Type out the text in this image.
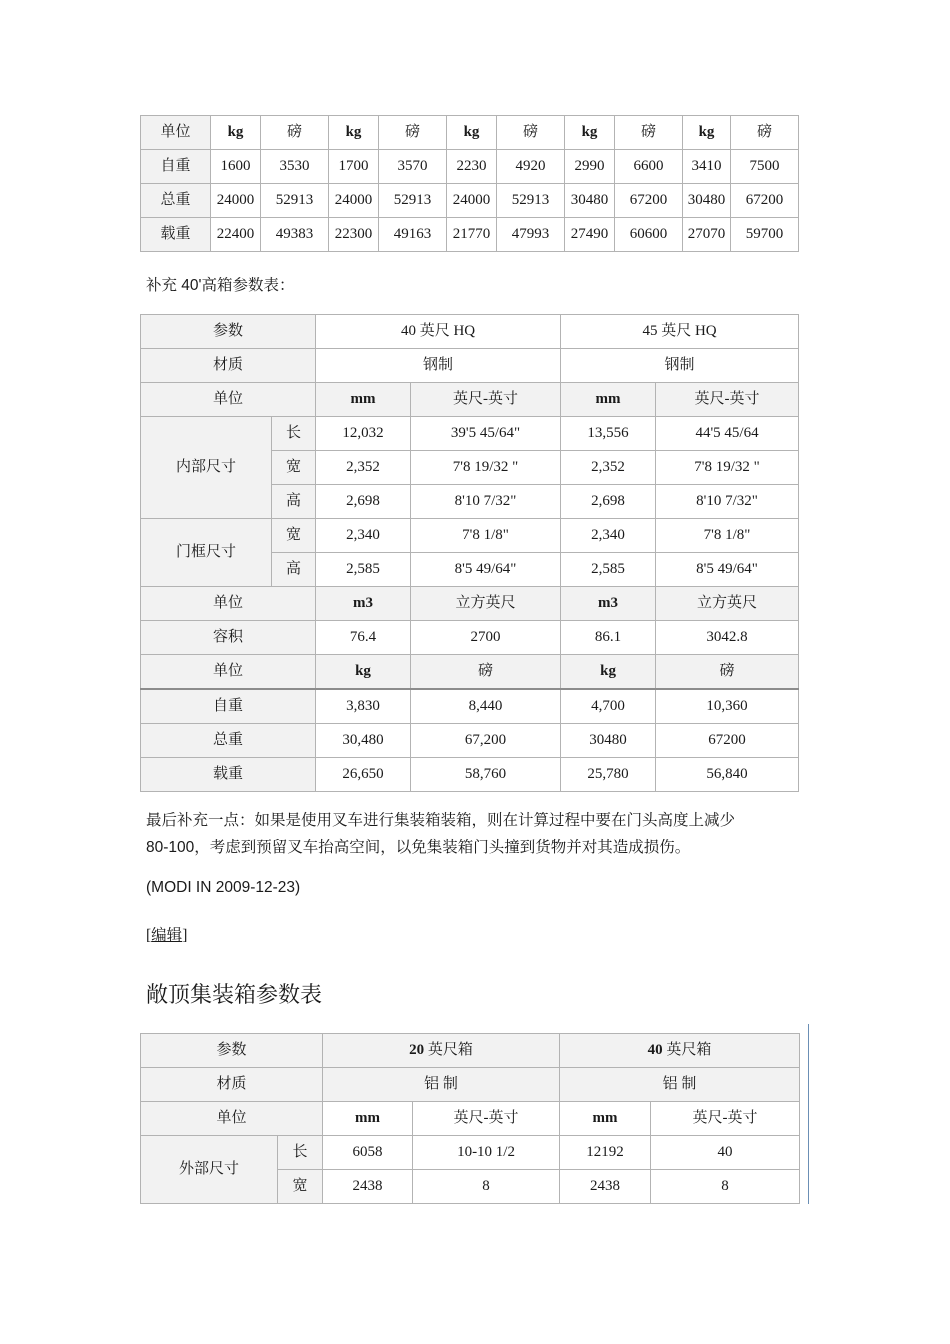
单位	kg	磅	kg	磅	kg	磅	kg	磅	kg	磅
自重	1600	3530	1700	3570	2230	4920	2990	6600	3410	7500
总重	24000	52913	24000	52913	24000	52913	30480	67200	30480	67200
载重	22400	49383	22300	49163	21770	47993	27490	60600	27070	59700
补充 40'高箱参数表：
参数		40 英尺 HQ		45 英尺 HQ	
材质		钢制		钢制	
单位		mm	英尺-英寸	mm	英尺-英寸
内部尺寸	长	12,032	39'5 45/64"	13,556	44'5 45/64
	宽	2,352	7'8 19/32 "	2,352	7'8 19/32 "
	高	2,698	8'10 7/32"	2,698	8'10 7/32"
门框尺寸	宽	2,340	7'8 1/8"	2,340	7'8 1/8"
	高	2,585	8'5 49/64"	2,585	8'5 49/64"
单位		m3	立方英尺	m3	立方英尺
容积		76.4	2700	86.1	3042.8
单位		kg	磅	kg	磅
自重		3,830	8,440	4,700	10,360
总重		30,480	67,200	30480	67200
载重		26,650	58,760	25,780	56,840
最后补充一点：如果是使用叉车进行集装箱装箱，则在计算过程中要在门头高度上减少
80-100，考虑到预留叉车抬高空间，以免集装箱门头撞到货物并对其造成损伤。
(MODI IN 2009-12-23)
[编辑]
敞顶集装箱参数表
参数		20 英尺箱		40 英尺箱	
材质		铝 制		铝 制	
单位		mm	英尺-英寸	mm	英尺-英寸
外部尺寸	长	6058	10-10 1/2	12192	40
	宽	2438	8	2438	8
